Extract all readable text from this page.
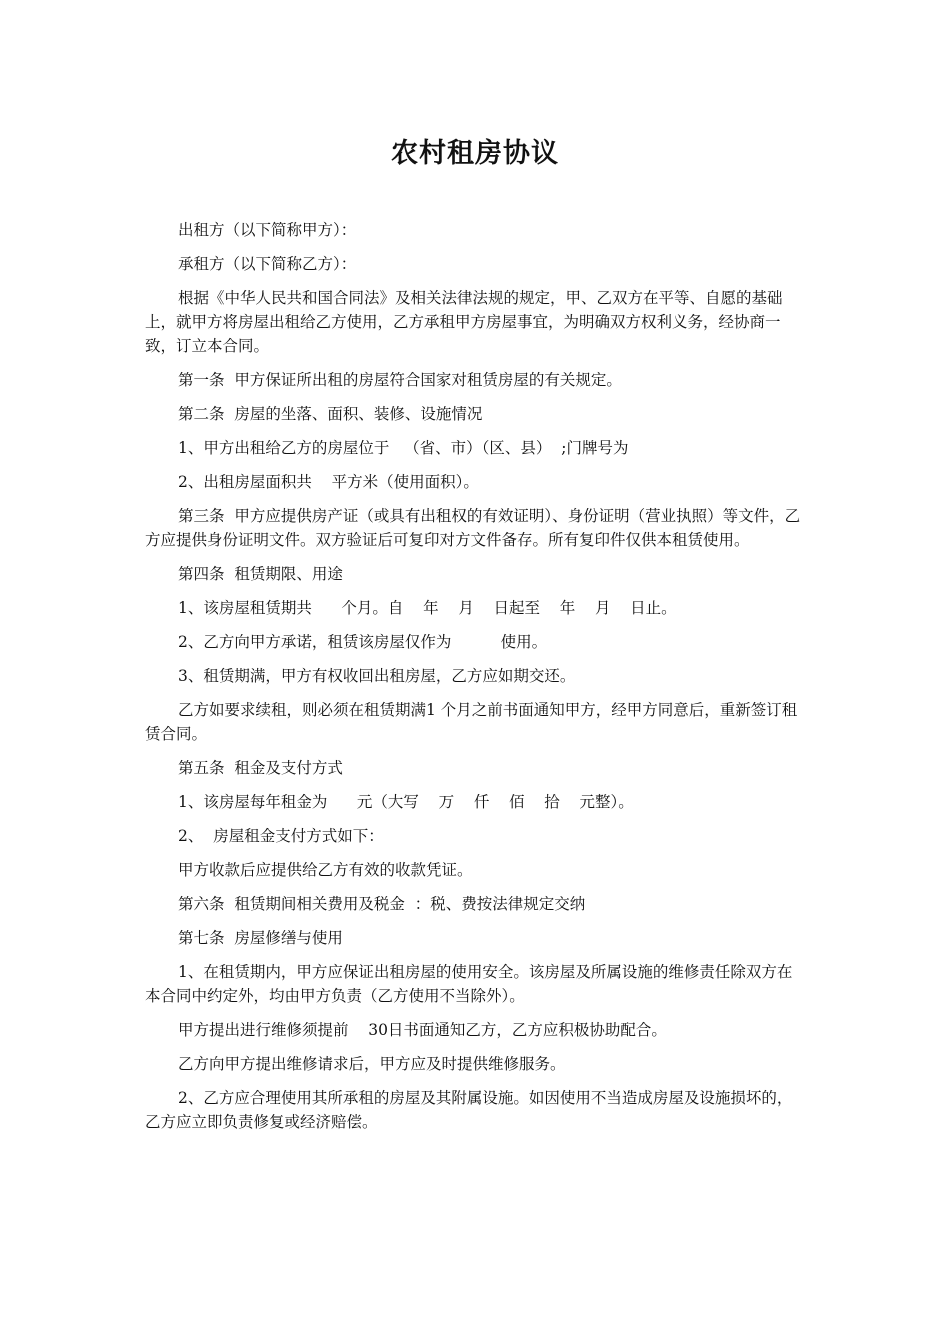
农村租房协议

出租方（以下简称甲方）：

承租方（以下简称乙方）：

根据《中华人民共和国合同法》及相关法律法规的规定，甲、乙双方在平等、自愿的基础上，就甲方将房屋出租给乙方使用，乙方承租甲方房屋事宜，为明确双方权利义务，经协商一致，订立本合同。

第一条  甲方保证所出租的房屋符合国家对租赁房屋的有关规定。

第二条  房屋的坐落、面积、装修、设施情况

1、甲方出租给乙方的房屋位于   （省、市）（区、县）  ;门牌号为

2、出租房屋面积共    平方米（使用面积）。

第三条  甲方应提供房产证（或具有出租权的有效证明）、身份证明（营业执照）等文件，乙方应提供身份证明文件。双方验证后可复印对方文件备存。所有复印件仅供本租赁使用。

第四条  租赁期限、用途

1、该房屋租赁期共      个月。自    年    月    日起至    年    月    日止。

2、乙方向甲方承诺，租赁该房屋仅作为          使用。

3、租赁期满，甲方有权收回出租房屋，乙方应如期交还。

乙方如要求续租，则必须在租赁期满1 个月之前书面通知甲方，经甲方同意后，重新签订租赁合同。

第五条  租金及支付方式

1、该房屋每年租金为      元（大写    万    仟    佰    拾    元整）。

2、  房屋租金支付方式如下：

甲方收款后应提供给乙方有效的收款凭证。

第六条  租赁期间相关费用及税金  ：税、费按法律规定交纳

第七条  房屋修缮与使用

1、在租赁期内，甲方应保证出租房屋的使用安全。该房屋及所属设施的维修责任除双方在本合同中约定外，均由甲方负责（乙方使用不当除外）。

甲方提出进行维修须提前    30日书面通知乙方，乙方应积极协助配合。

乙方向甲方提出维修请求后，甲方应及时提供维修服务。

2、乙方应合理使用其所承租的房屋及其附属设施。如因使用不当造成房屋及设施损坏的，乙方应立即负责修复或经济赔偿。
